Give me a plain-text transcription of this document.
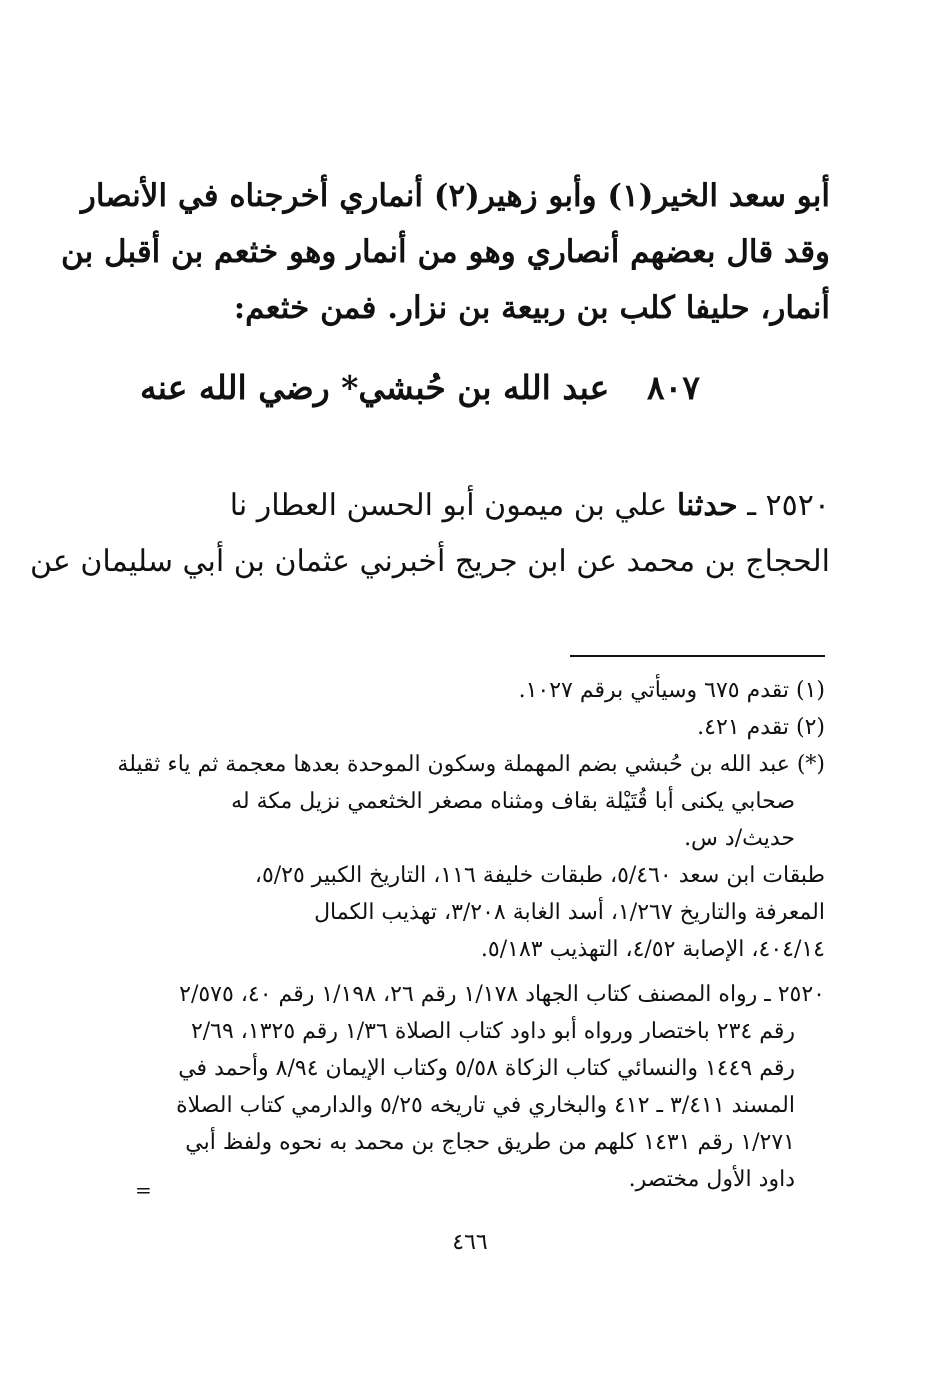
أبو سعد الخير(١) وأبو زهير(٢) أنماري أخرجناه في الأنصار
وقد قال بعضهم أنصاري وهو من أنمار وهو خثعم بن أقبل بن
أنمار، حليفا كلب بن ربيعة بن نزار. فمن خثعم:
٨٠٧ عبد الله بن حُبشي* رضي الله عنه
٢٥٢٠ ـ حدثنا علي بن ميمون أبو الحسن العطار نا
الحجاج بن محمد عن ابن جريج أخبرني عثمان بن أبي سليمان عن
(١) تقدم ٦٧٥ وسيأتي برقم ١٠٢٧.
(٢) تقدم ٤٢١.
(*) عبد الله بن حُبشي بضم المهملة وسكون الموحدة بعدها معجمة ثم ياء ثقيلة
صحابي يكنى أبا قُتَيْلة بقاف ومثناه مصغر الخثعمي نزيل مكة له
حديث/د س.
طبقات ابن سعد ٥/٤٦٠، طبقات خليفة ١١٦، التاريخ الكبير ٥/٢٥،
المعرفة والتاريخ ١/٢٦٧، أسد الغابة ٣/٢٠٨، تهذيب الكمال
٤٠٤/١٤، الإصابة ٤/٥٢، التهذيب ٥/١٨٣.
٢٥٢٠ ـ رواه المصنف كتاب الجهاد ١/١٧٨ رقم ٢٦، ١/١٩٨ رقم ٤٠، ٢/٥٧٥
رقم ٢٣٤ باختصار ورواه أبو داود كتاب الصلاة ١/٣٦ رقم ١٣٢٥، ٢/٦٩
رقم ١٤٤٩ والنسائي كتاب الزكاة ٥/٥٨ وكتاب الإيمان ٨/٩٤ وأحمد في
المسند ٣/٤١١ ـ ٤١٢ والبخاري في تاريخه ٥/٢٥ والدارمي كتاب الصلاة
١/٢٧١ رقم ١٤٣١ كلهم من طريق حجاج بن محمد به نحوه ولفظ أبي
داود الأول مختصر.
=
٤٦٦
